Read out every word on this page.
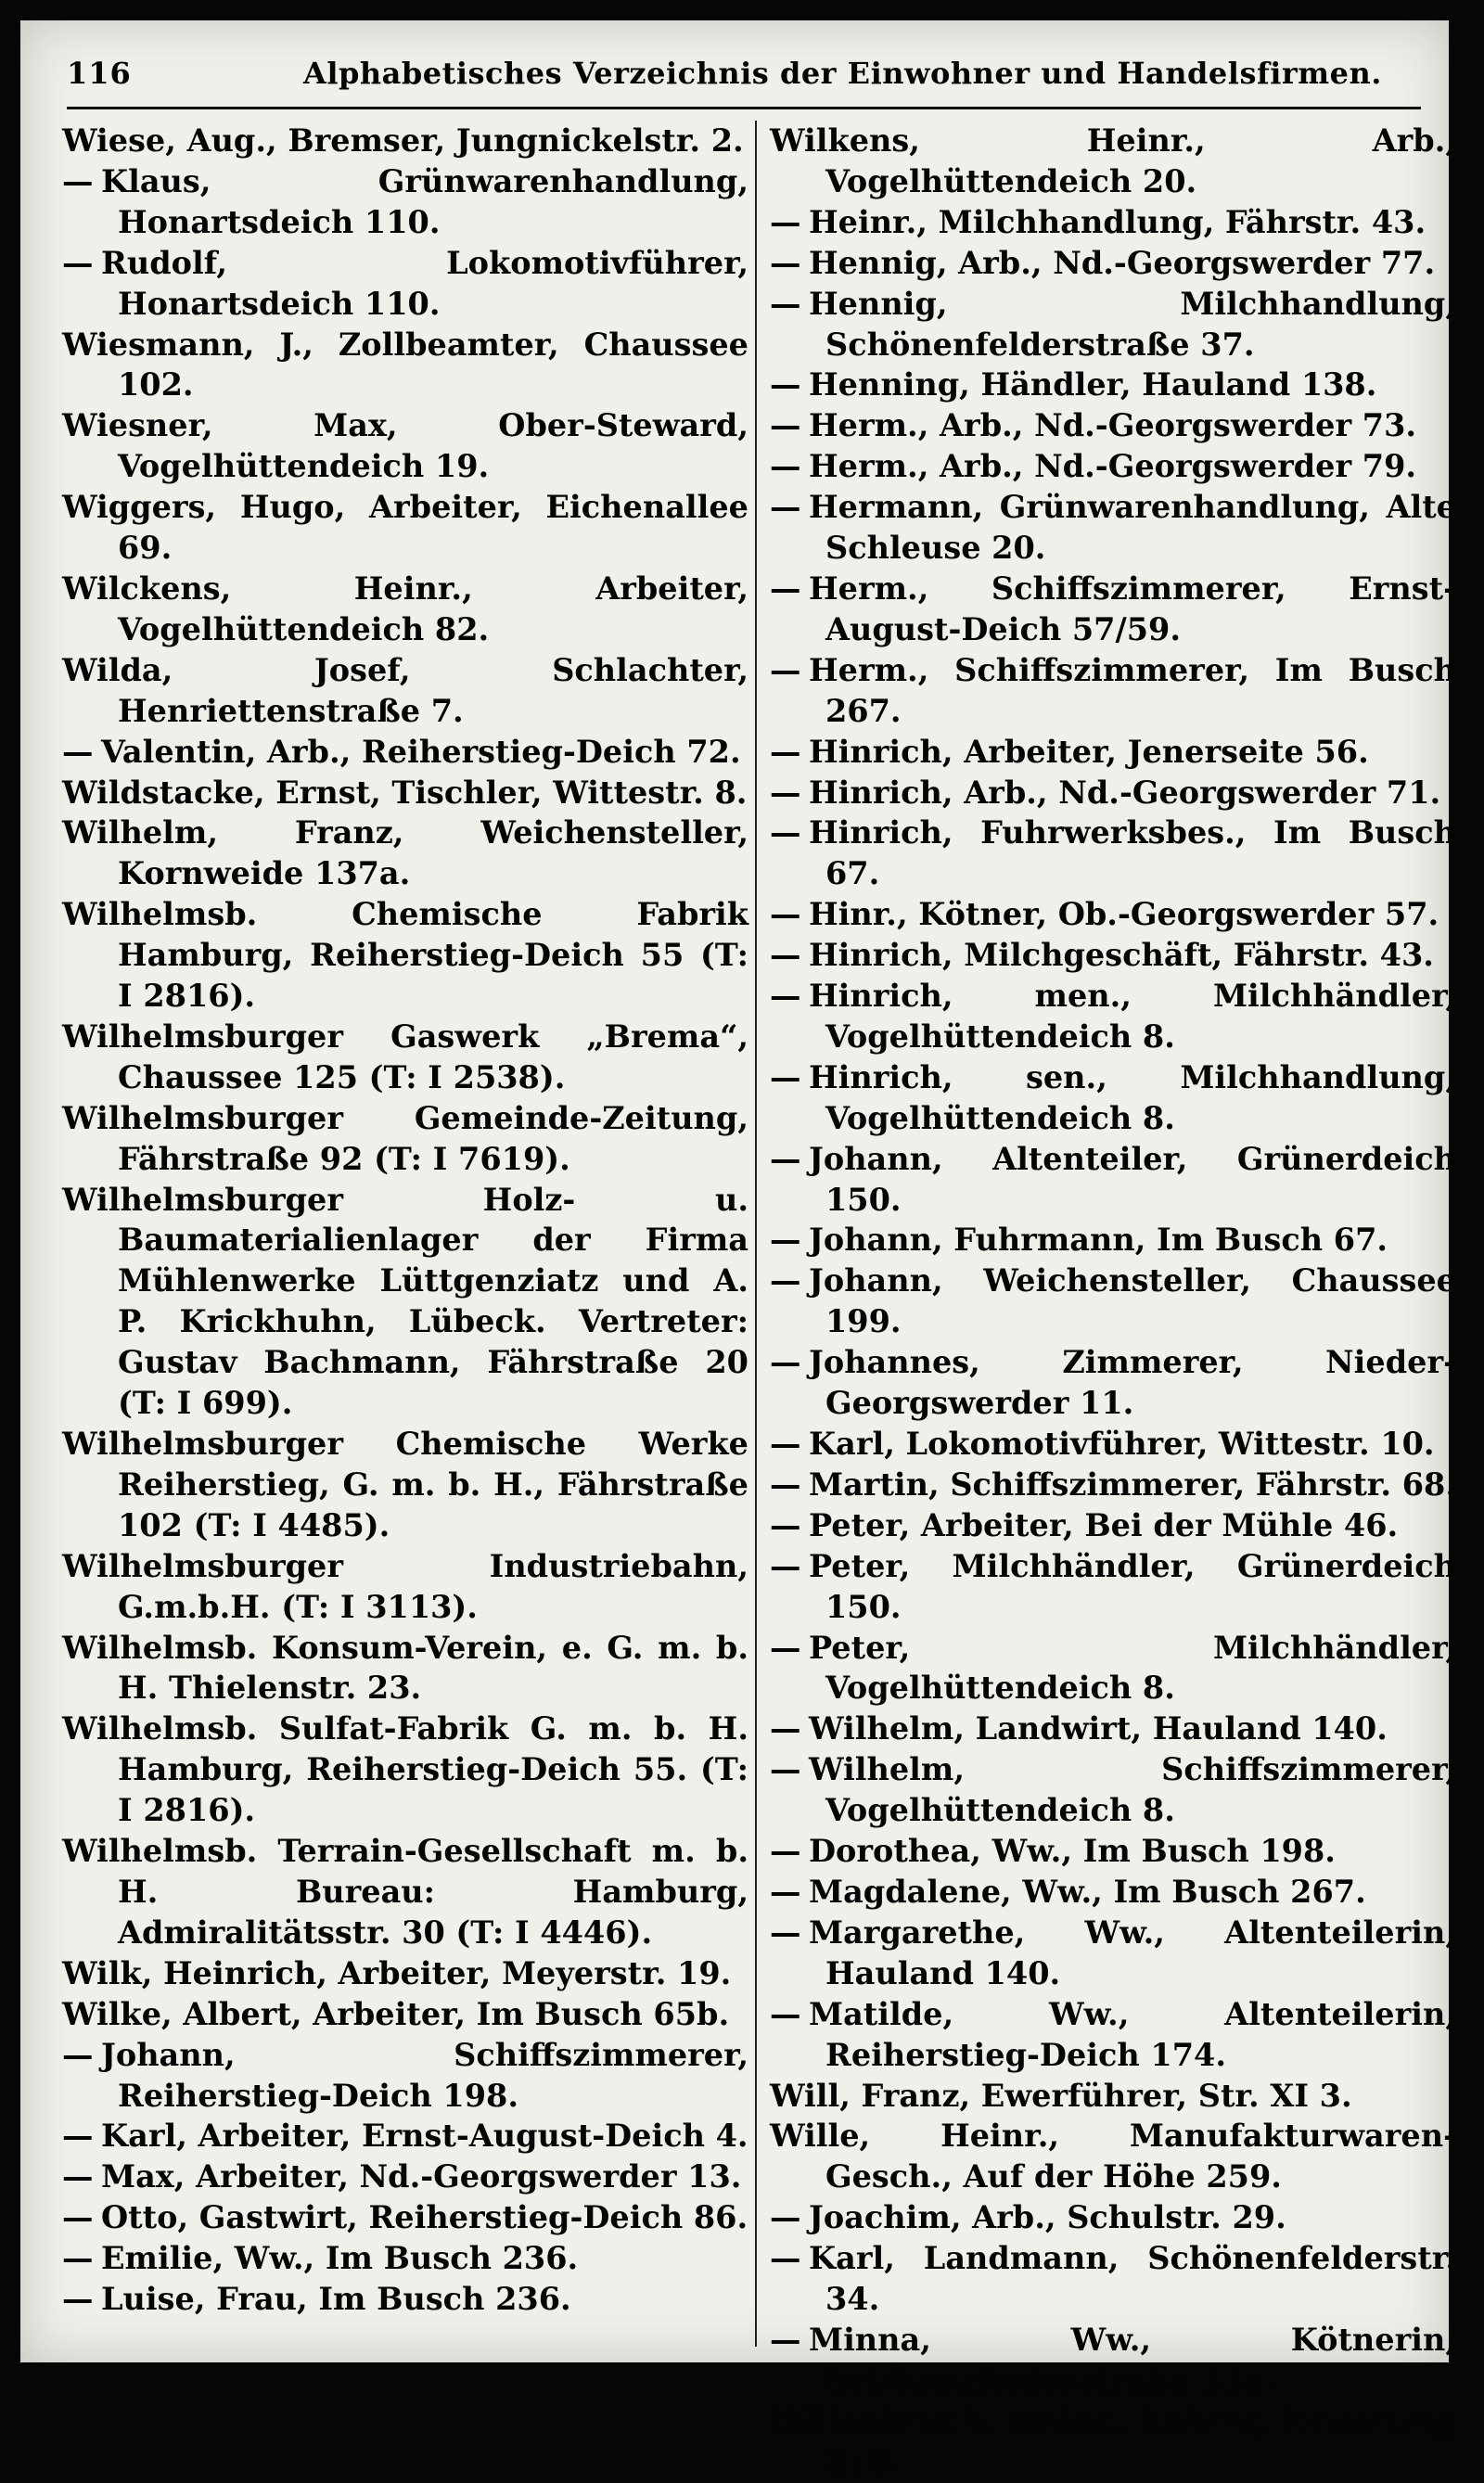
116	Alphabetisches Verzeichnis der Einwohner und Handelsfirmen.

Wiese, Aug., Bremser, Jungnickelstr. 2.

— Klaus, Grünwarenhandlung, Honartsdeich 110.

— Rudolf, Lokomotivführer, Honartsdeich 110.

Wiesmann, J., Zollbeamter, Chaussee 102.

Wiesner, Max, Ober-Steward, Vogelhüttendeich 19.

Wiggers, Hugo, Arbeiter, Eichenallee 69.

Wilckens, Heinr., Arbeiter, Vogelhüttendeich 82.

Wilda, Josef, Schlachter, Henriettenstraße 7.

— Valentin, Arb., Reiherstieg-Deich 72.

Wildstacke, Ernst, Tischler, Wittestr. 8.

Wilhelm, Franz, Weichensteller, Kornweide 137a.

Wilhelmsb. Chemische Fabrik Hamburg, Reiherstieg-Deich 55 (T: I 2816).

Wilhelmsburger Gaswerk „Brema“, Chaussee 125 (T: I 2538).

Wilhelmsburger Gemeinde-Zeitung, Fährstraße 92 (T: I 7619).

Wilhelmsburger Holz- u. Baumaterialienlager der Firma Mühlenwerke Lüttgenziatz und A. P. Krickhuhn, Lübeck. Vertreter: Gustav Bachmann, Fährstraße 20 (T: I 699).

Wilhelmsburger Chemische Werke Reiherstieg, G. m. b. H., Fährstraße 102 (T: I 4485).

Wilhelmsburger Industriebahn, G.m.b.H. (T: I 3113).

Wilhelmsb. Konsum-Verein, e. G. m. b. H. Thielenstr. 23.

Wilhelmsb. Sulfat-Fabrik G. m. b. H. Hamburg, Reiherstieg-Deich 55. (T: I 2816).

Wilhelmsb. Terrain-Gesellschaft m. b. H. Bureau: Hamburg, Admiralitätsstr. 30 (T: I 4446).

Wilk, Heinrich, Arbeiter, Meyerstr. 19.

Wilke, Albert, Arbeiter, Im Busch 65b.

— Johann, Schiffszimmerer, Reiherstieg-Deich 198.

— Karl, Arbeiter, Ernst-August-Deich 4.

— Max, Arbeiter, Nd.-Georgswerder 13.

— Otto, Gastwirt, Reiherstieg-Deich 86.

— Emilie, Ww., Im Busch 236.

— Luise, Frau, Im Busch 236.

Wilkens, Heinr., Arb., Vogelhüttendeich 20.

— Heinr., Milchhandlung, Fährstr. 43.

— Hennig, Arb., Nd.-Georgswerder 77.

— Hennig, Milchhandlung, Schönenfelderstraße 37.

— Henning, Händler, Hauland 138.

— Herm., Arb., Nd.-Georgswerder 73.

— Herm., Arb., Nd.-Georgswerder 79.

— Hermann, Grünwarenhandlung, Alte Schleuse 20.

— Herm., Schiffszimmerer, Ernst-August-Deich 57/59.

— Herm., Schiffszimmerer, Im Busch 267.

— Hinrich, Arbeiter, Jenerseite 56.

— Hinrich, Arb., Nd.-Georgswerder 71.

— Hinrich, Fuhrwerksbes., Im Busch 67.

— Hinr., Kötner, Ob.-Georgswerder 57.

— Hinrich, Milchgeschäft, Fährstr. 43.

— Hinrich, men., Milchhändler, Vogelhüttendeich 8.

— Hinrich, sen., Milchhandlung, Vogelhüttendeich 8.

— Johann, Altenteiler, Grünerdeich 150.

— Johann, Fuhrmann, Im Busch 67.

— Johann, Weichensteller, Chaussee 199.

— Johannes, Zimmerer, Nieder-Georgswerder 11.

— Karl, Lokomotivführer, Wittestr. 10.

— Martin, Schiffszimmerer, Fährstr. 68.

— Peter, Arbeiter, Bei der Mühle 46.

— Peter, Milchhändler, Grünerdeich 150.

— Peter, Milchhändler, Vogelhüttendeich 8.

— Wilhelm, Landwirt, Hauland 140.

— Wilhelm, Schiffszimmerer, Vogelhüttendeich 8.

— Dorothea, Ww., Im Busch 198.

— Magdalene, Ww., Im Busch 267.

— Margarethe, Ww., Altenteilerin, Hauland 140.

— Matilde, Ww., Altenteilerin, Reiherstieg-Deich 174.

Will, Franz, Ewerführer, Str. XI 3.

Wille, Heinr., Manufakturwaren-Gesch., Auf der Höhe 259.

— Joachim, Arb., Schulstr. 29.

— Karl, Landmann, Schönenfelderstr. 34.

— Minna, Ww., Kötnerin, Schönenfelderstraße 33a.

Willenbruch, Heinr., Lehrer, Neuerweg 216.
